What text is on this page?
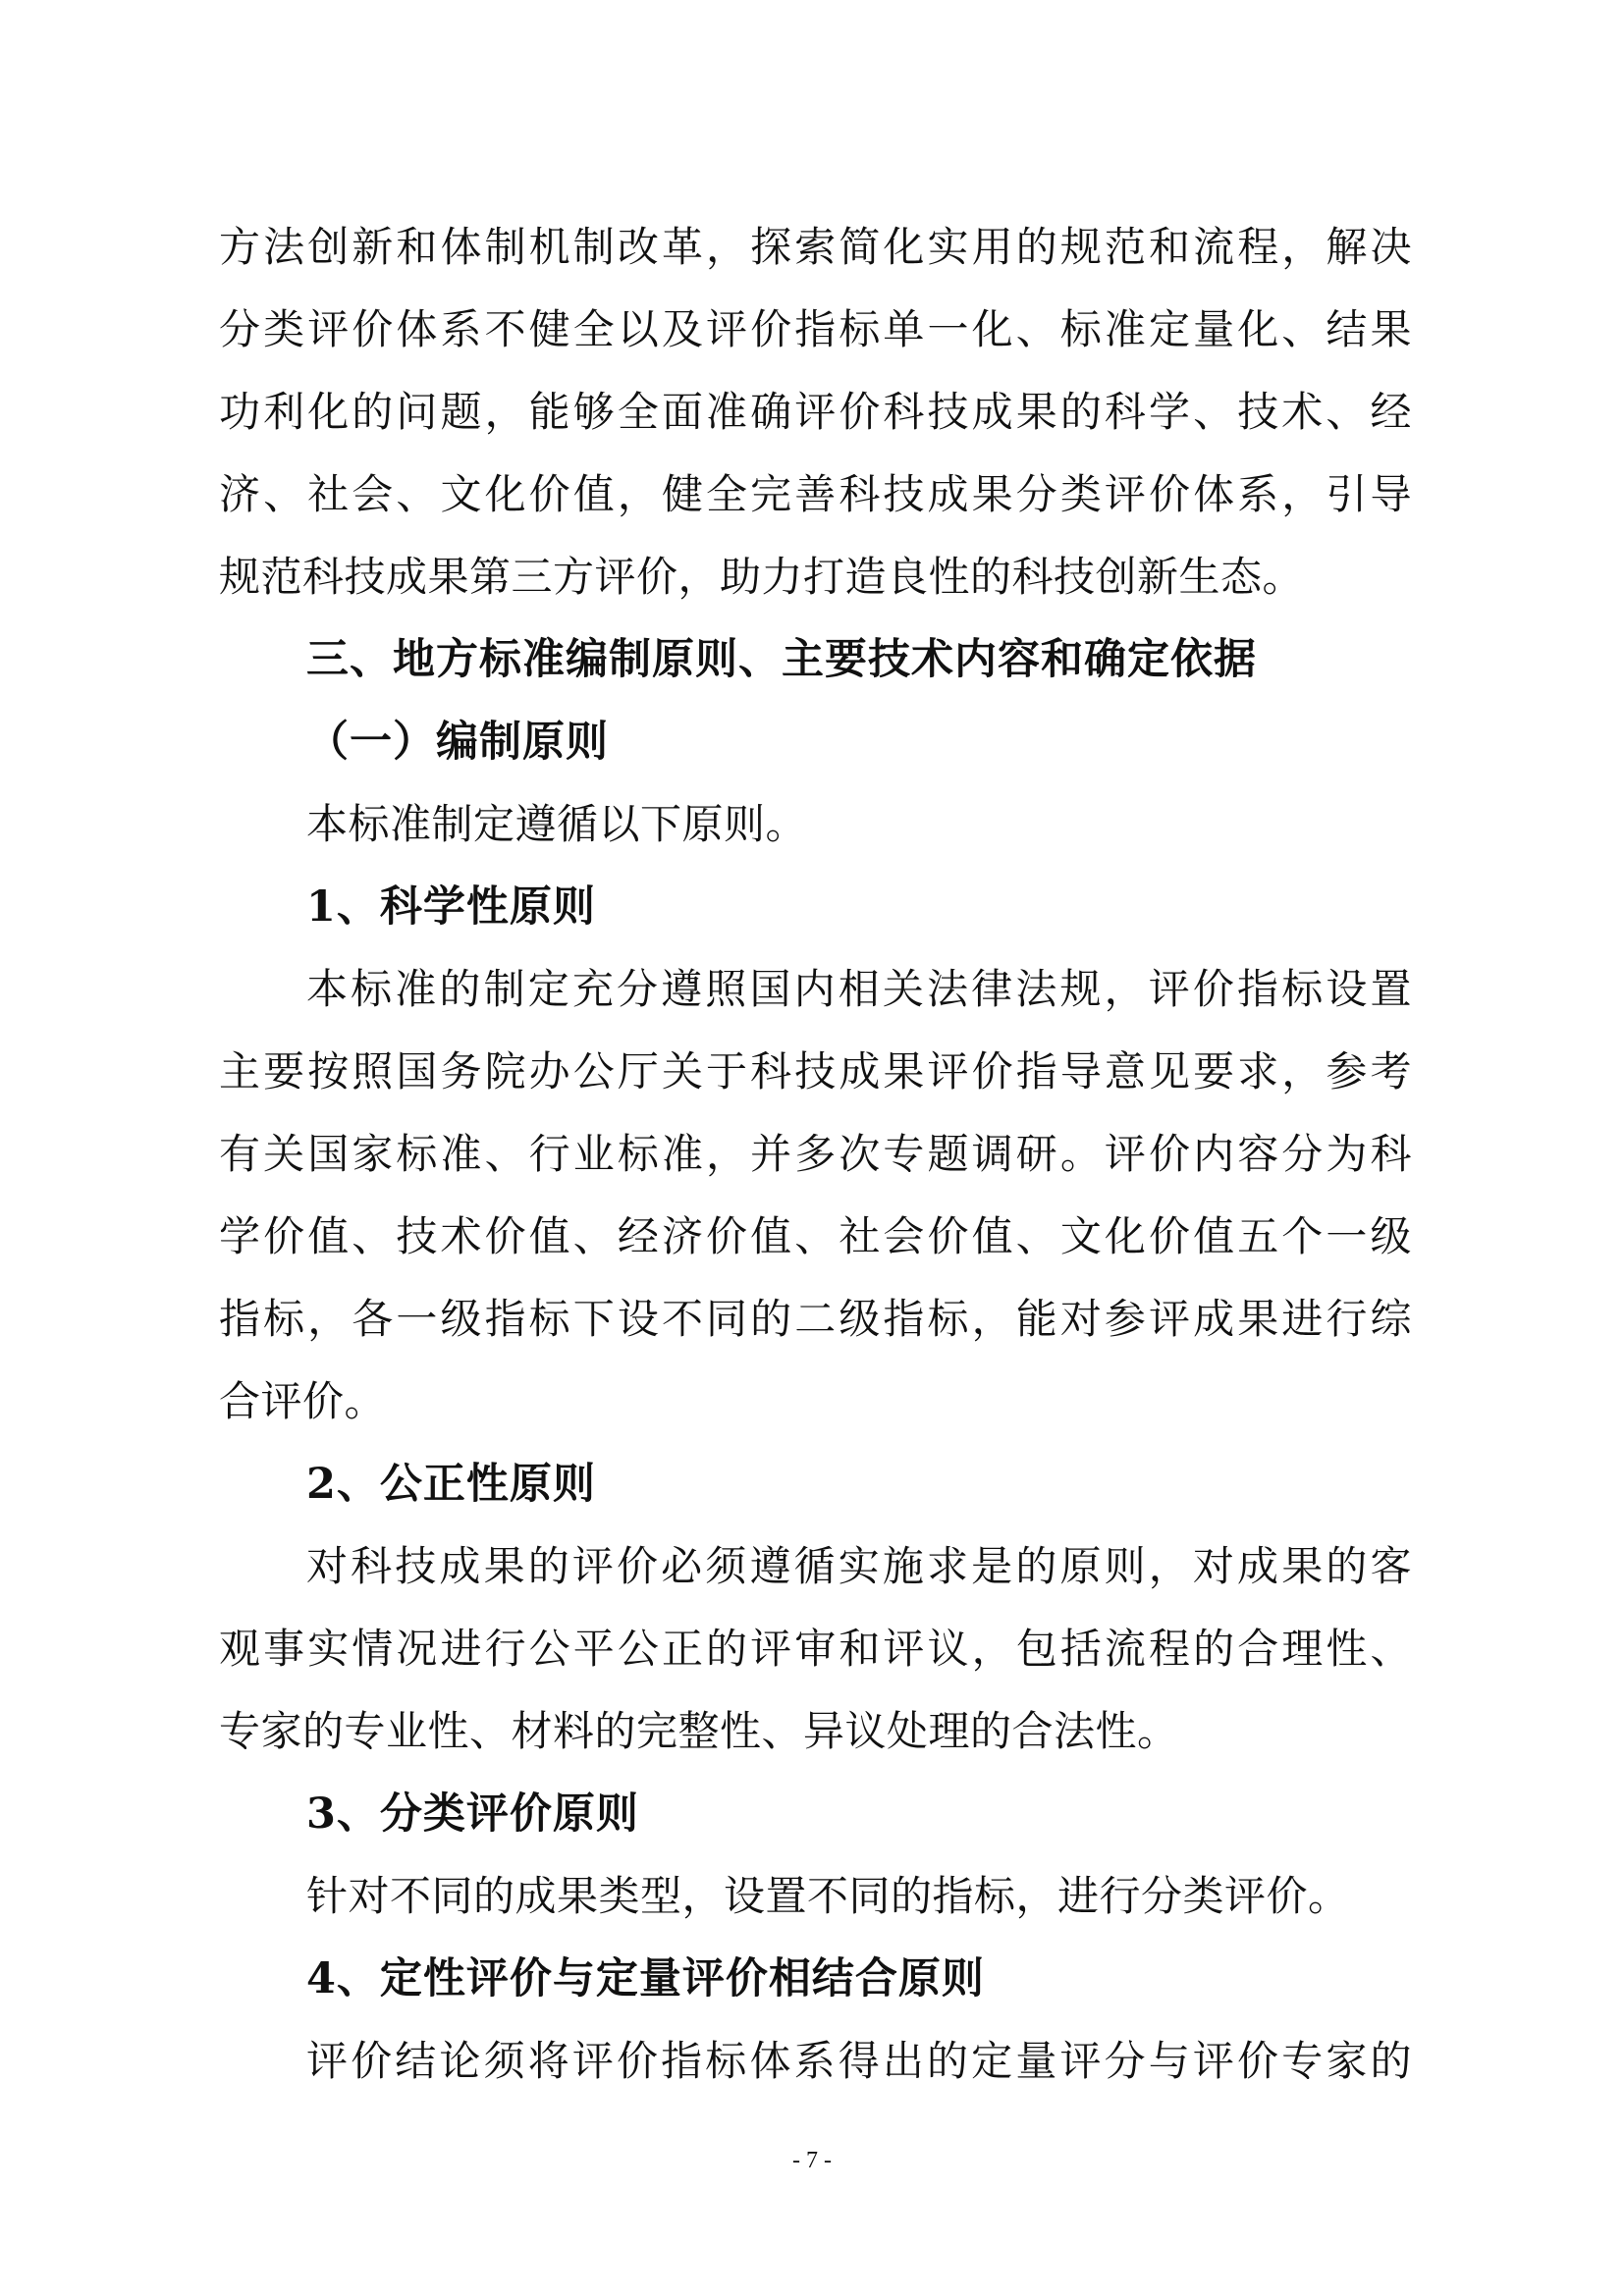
方法创新和体制机制改革，探索简化实用的规范和流程，解决
分类评价体系不健全以及评价指标单一化、标准定量化、结果
功利化的问题，能够全面准确评价科技成果的科学、技术、经
济、社会、文化价值，健全完善科技成果分类评价体系，引导
规范科技成果第三方评价，助力打造良性的科技创新生态。
三、地方标准编制原则、主要技术内容和确定依据
（一）编制原则
本标准制定遵循以下原则。
1、科学性原则
本标准的制定充分遵照国内相关法律法规，评价指标设置
主要按照国务院办公厅关于科技成果评价指导意见要求，参考
有关国家标准、行业标准，并多次专题调研。评价内容分为科
学价值、技术价值、经济价值、社会价值、文化价值五个一级
指标，各一级指标下设不同的二级指标，能对参评成果进行综
合评价。
2、公正性原则
对科技成果的评价必须遵循实施求是的原则，对成果的客
观事实情况进行公平公正的评审和评议，包括流程的合理性、
专家的专业性、材料的完整性、异议处理的合法性。
3、分类评价原则
针对不同的成果类型，设置不同的指标，进行分类评价。
4、定性评价与定量评价相结合原则
评价结论须将评价指标体系得出的定量评分与评价专家的
- 7 -
